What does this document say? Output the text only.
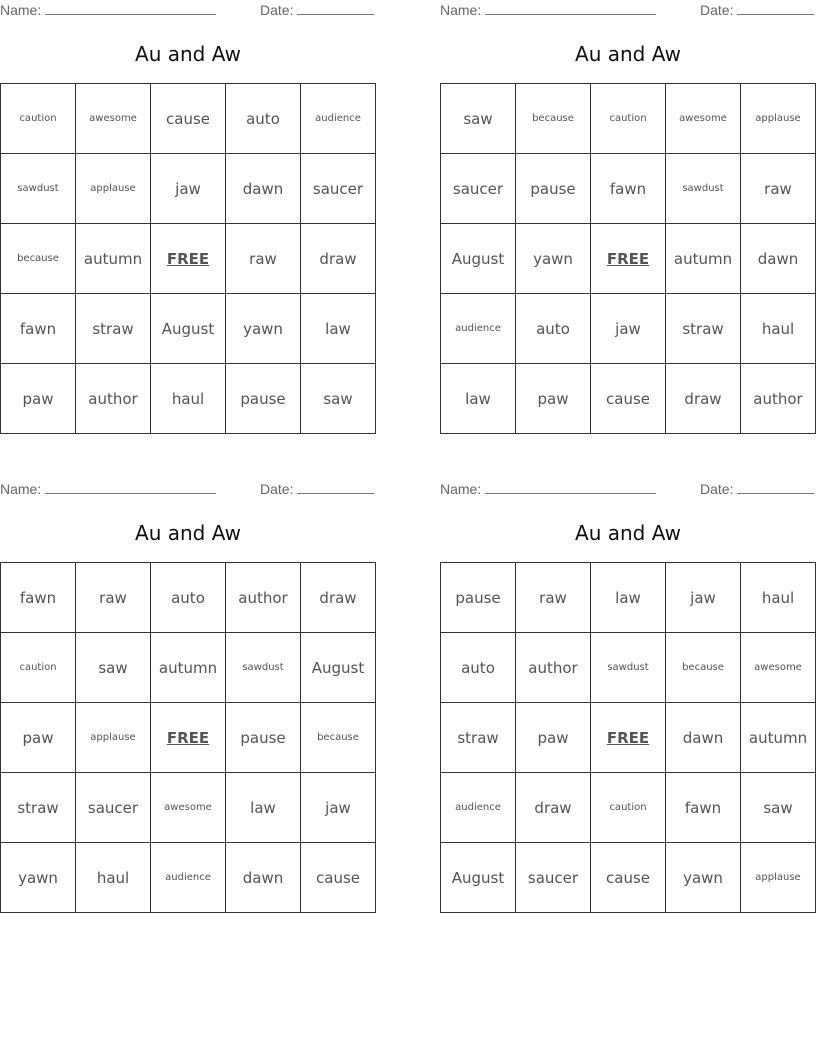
Name:	Date:
Au and Aw
caution	awesome	cause	auto	audience
sawdust	applause	jaw	dawn	saucer
because	autumn	FREE	raw	draw
fawn	straw	August	yawn	law
paw	author	haul	pause	saw
Name:	Date:
Au and Aw
saw	because	caution	awesome	applause
saucer	pause	fawn	sawdust	raw
August	yawn	FREE	autumn	dawn
audience	auto	jaw	straw	haul
law	paw	cause	draw	author
Name:	Date:
Au and Aw
fawn	raw	auto	author	draw
caution	saw	autumn	sawdust	August
paw	applause	FREE	pause	because
straw	saucer	awesome	law	jaw
yawn	haul	audience	dawn	cause
Name:	Date:
Au and Aw
pause	raw	law	jaw	haul
auto	author	sawdust	because	awesome
straw	paw	FREE	dawn	autumn
audience	draw	caution	fawn	saw
August	saucer	cause	yawn	applause
